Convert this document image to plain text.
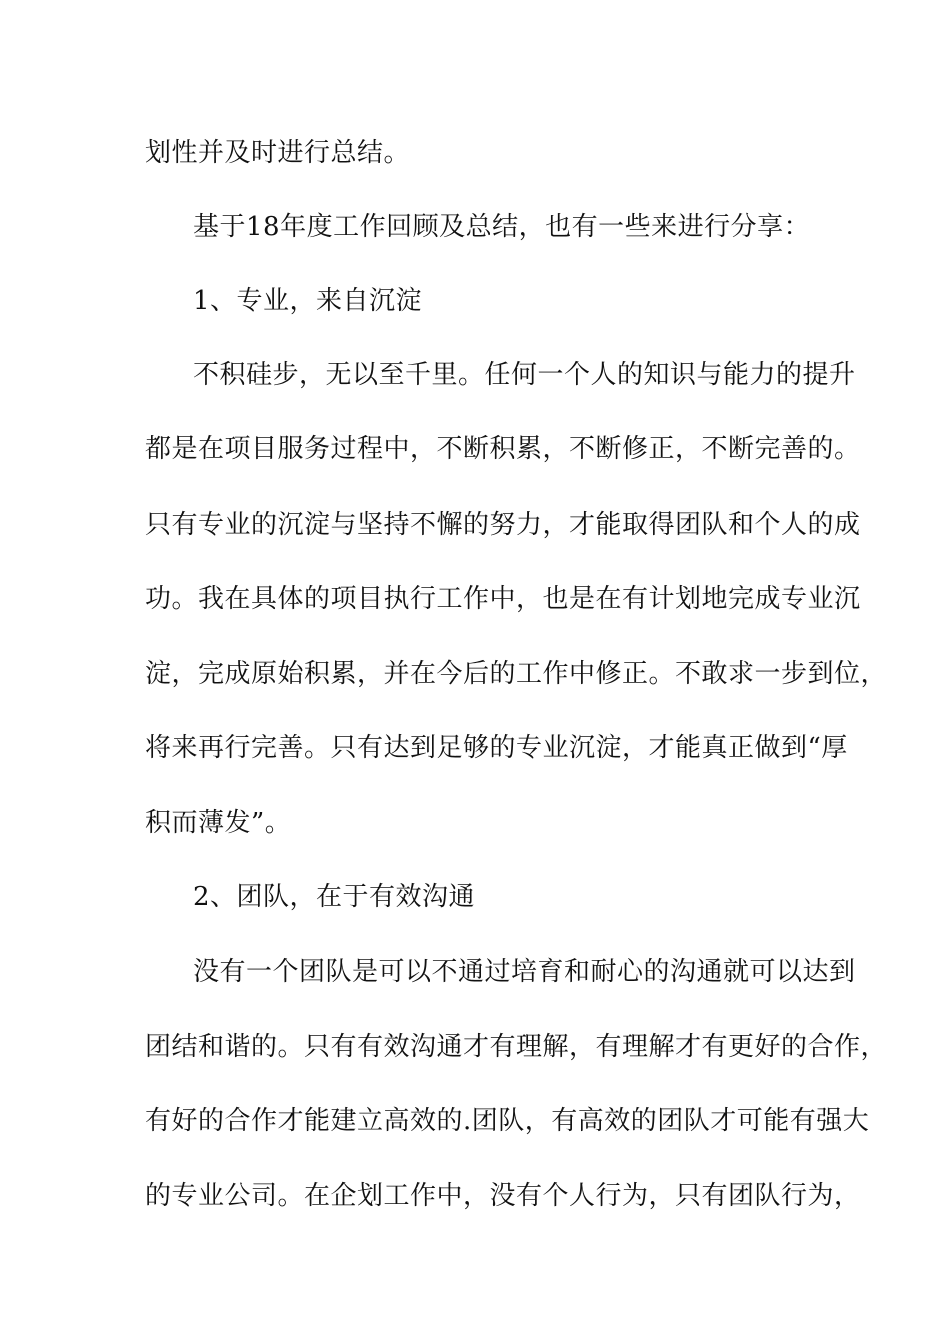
划性并及时进行总结。
基于18年度工作回顾及总结，也有一些来进行分享：
1、专业，来自沉淀
不积硅步，无以至千里。任何一个人的知识与能力的提升
都是在项目服务过程中，不断积累，不断修正，不断完善的。
只有专业的沉淀与坚持不懈的努力，才能取得团队和个人的成
功。我在具体的项目执行工作中，也是在有计划地完成专业沉
淀，完成原始积累，并在今后的工作中修正。不敢求一步到位，
将来再行完善。只有达到足够的专业沉淀，才能真正做到“厚
积而薄发”。
2、团队，在于有效沟通
没有一个团队是可以不通过培育和耐心的沟通就可以达到
团结和谐的。只有有效沟通才有理解，有理解才有更好的合作，
有好的合作才能建立高效的.团队，有高效的团队才可能有强大
的专业公司。在企划工作中，没有个人行为，只有团队行为，
